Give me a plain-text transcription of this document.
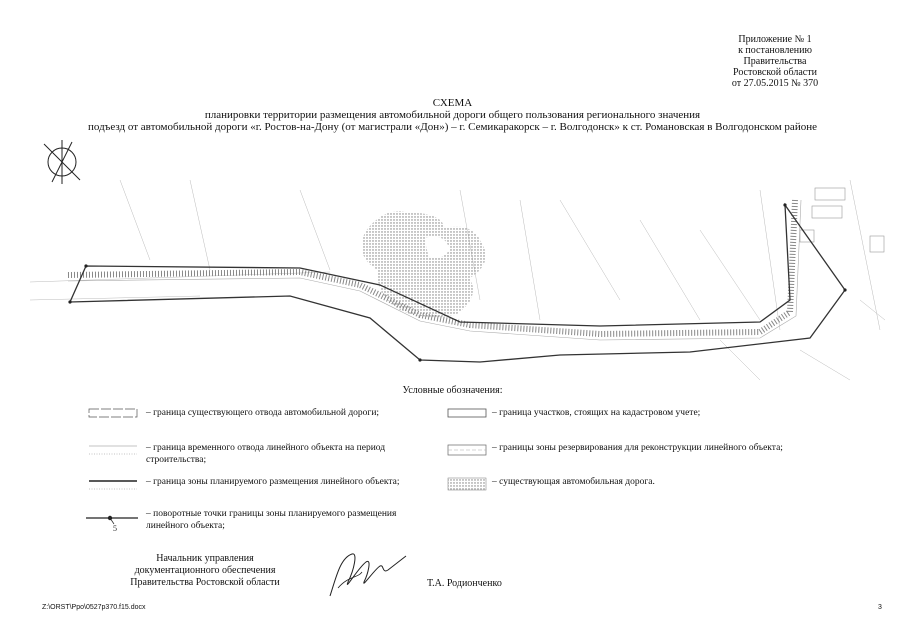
Приложение № 1
к постановлению
Правительства
Ростовской области
от 27.05.2015 № 370
СХЕМА
планировки территории размещения автомобильной дороги общего пользования регионального значения
подъезд от автомобильной дороги «г. Ростов-на-Дону (от магистрали «Дон») – г. Семикаракорск – г. Волгодонск» к ст. Романовская в Волгодонском районе
Условные обозначения:
– граница существующего отвода автомобильной дороги;	– граница участков, стоящих на кадастровом учете;
– граница временного отвода линейного объекта на период строительства;
– границы зоны резервирования для реконструкции линейного объекта;
– граница зоны планируемого размещения линейного объекта;	– существующая автомобильная дорога.
5
– поворотные точки границы зоны планируемого размещения линейного объекта;
Начальник управления
документационного обеспечения
Правительства Ростовской области	Т.А. Родионченко
Z:\ORST\Ppo\0527p370.f15.docx	3
